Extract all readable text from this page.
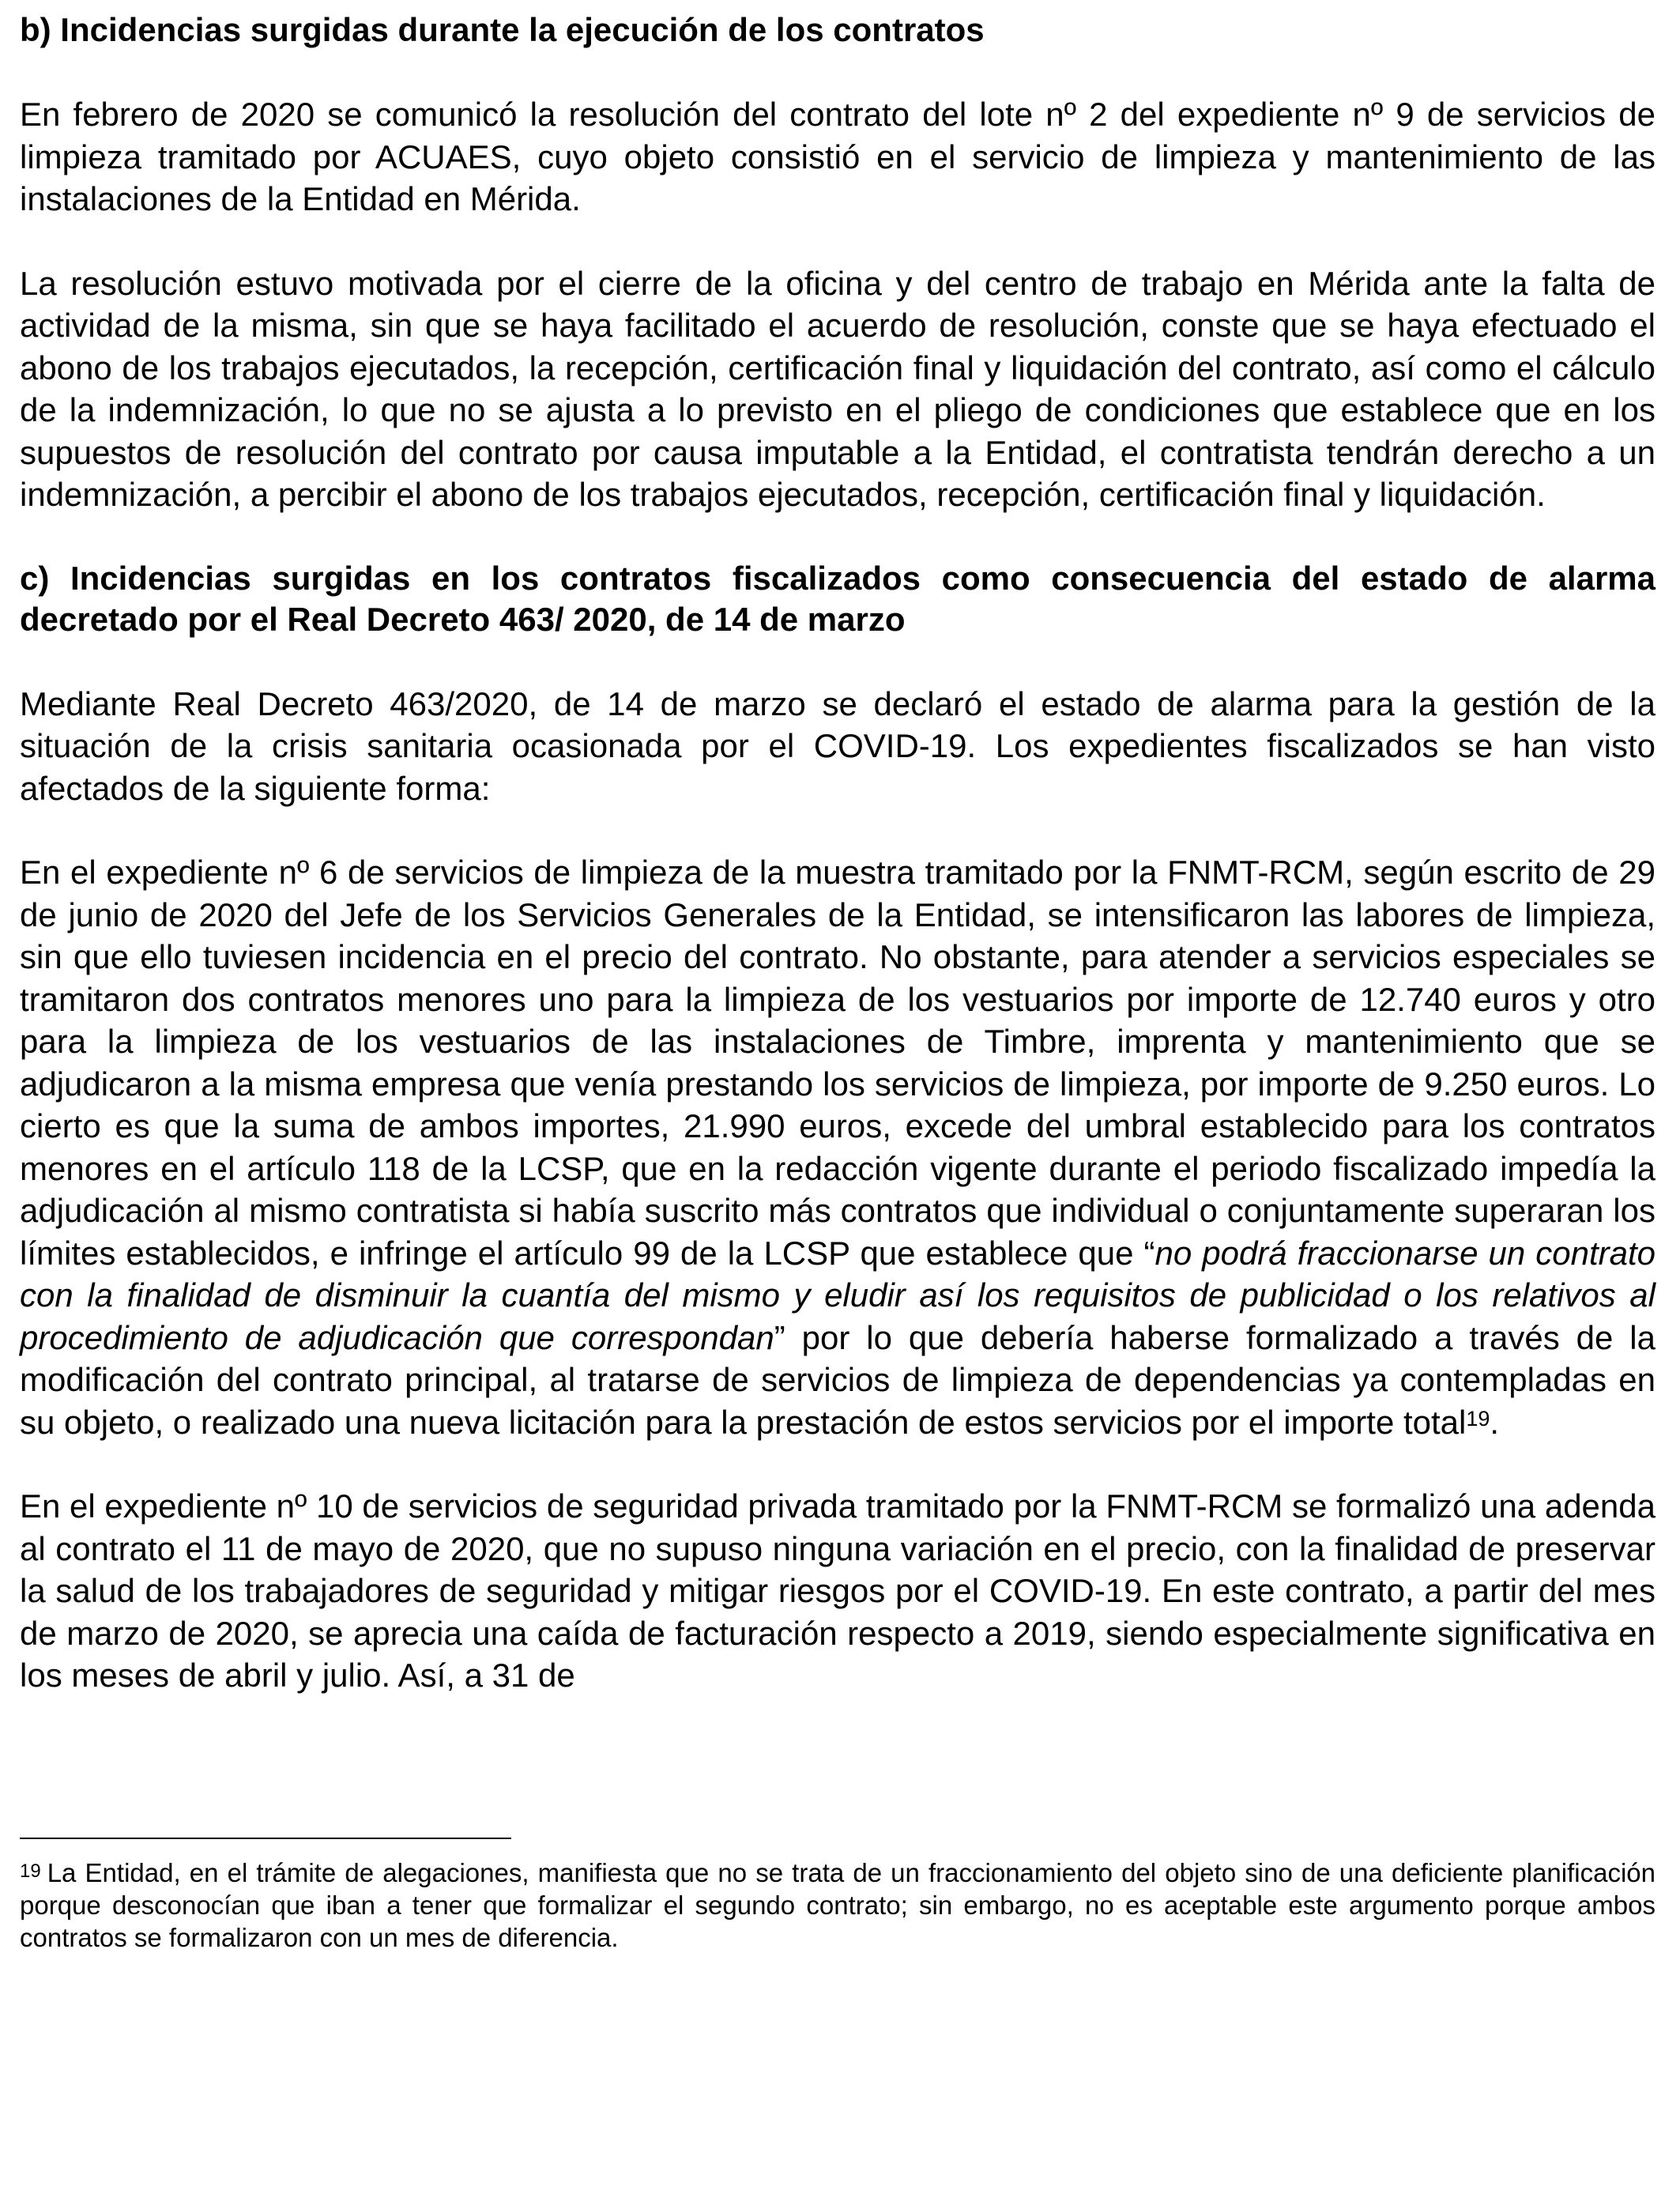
b) Incidencias surgidas durante la ejecución de los contratos

En febrero de 2020 se comunicó la resolución del contrato del lote nº 2 del expediente nº 9 de servicios de limpieza tramitado por ACUAES, cuyo objeto consistió en el servicio de limpieza y mantenimiento de las instalaciones de la Entidad en Mérida.

La resolución estuvo motivada por el cierre de la oficina y del centro de trabajo en Mérida ante la falta de actividad de la misma, sin que se haya facilitado el acuerdo de resolución, conste que se haya efectuado el abono de los trabajos ejecutados, la recepción, certificación final y liquidación del contrato, así como el cálculo de la indemnización, lo que no se ajusta a lo previsto en el pliego de condiciones que establece que en los supuestos de resolución del contrato por causa imputable a la Entidad, el contratista tendrán derecho a un indemnización, a percibir el abono de los trabajos ejecutados, recepción, certificación final y liquidación.

c) Incidencias surgidas en los contratos fiscalizados como consecuencia del estado de alarma decretado por el Real Decreto 463/ 2020, de 14 de marzo

Mediante Real Decreto 463/2020, de 14 de marzo se declaró el estado de alarma para la gestión de la situación de la crisis sanitaria ocasionada por el COVID-19. Los expedientes fiscalizados se han visto afectados de la siguiente forma:

En el expediente nº 6 de servicios de limpieza de la muestra tramitado por la FNMT-RCM, según escrito de 29 de junio de 2020 del Jefe de los Servicios Generales de la Entidad, se intensificaron las labores de limpieza, sin que ello tuviesen incidencia en el precio del contrato. No obstante, para atender a servicios especiales se tramitaron dos contratos menores uno para la limpieza de los vestuarios por importe de 12.740 euros y otro para la limpieza de los vestuarios de las instalaciones de Timbre, imprenta y mantenimiento que se adjudicaron a la misma empresa que venía prestando los servicios de limpieza, por importe de 9.250 euros. Lo cierto es que la suma de ambos importes, 21.990 euros, excede del umbral establecido para los contratos menores en el artículo 118 de la LCSP, que en la redacción vigente durante el periodo fiscalizado impedía la adjudicación al mismo contratista si había suscrito más contratos que individual o conjuntamente superaran los límites establecidos, e infringe el artículo 99 de la LCSP que establece que “no podrá fraccionarse un contrato con la finalidad de disminuir la cuantía del mismo y eludir así los requisitos de publicidad o los relativos al procedimiento de adjudicación que correspondan” por lo que debería haberse formalizado a través de la modificación del contrato principal, al tratarse de servicios de limpieza de dependencias ya contempladas en su objeto, o realizado una nueva licitación para la prestación de estos servicios por el importe total$^{19}$.

En el expediente nº 10 de servicios de seguridad privada tramitado por la FNMT-RCM se formalizó una adenda al contrato el 11 de mayo de 2020, que no supuso ninguna variación en el precio, con la finalidad de preservar la salud de los trabajadores de seguridad y mitigar riesgos por el COVID-19. En este contrato, a partir del mes de marzo de 2020, se aprecia una caída de facturación respecto a 2019, siendo especialmente significativa en los meses de abril y julio. Así, a 31 de

$^{19}$ La Entidad, en el trámite de alegaciones, manifiesta que no se trata de un fraccionamiento del objeto sino de una deficiente planificación porque desconocían que iban a tener que formalizar el segundo contrato; sin embargo, no es aceptable este argumento porque ambos contratos se formalizaron con un mes de diferencia.
